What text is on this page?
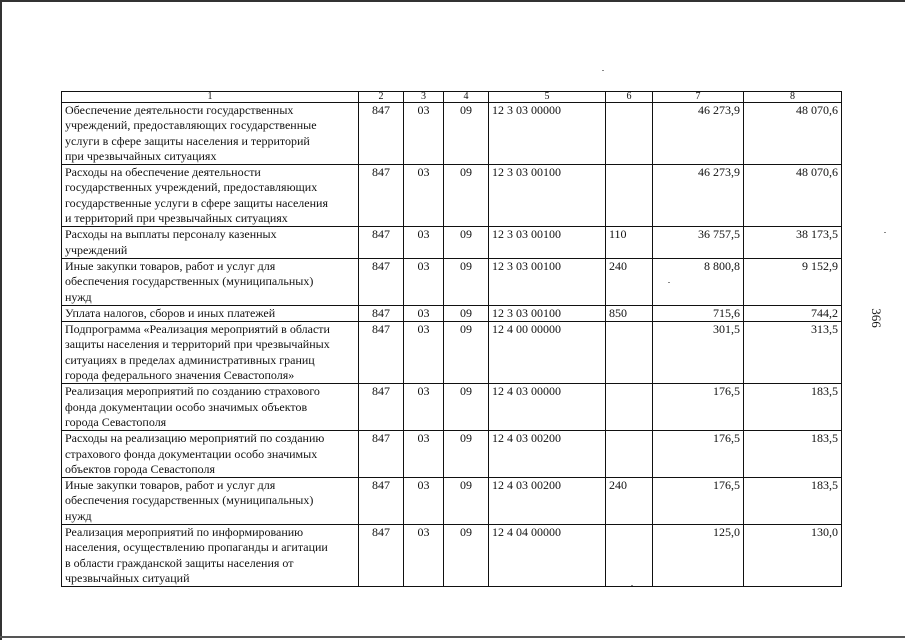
1	2	3	4	5	6	7	8

Обеспечение деятельности государственных
учреждений, предоставляющих государственные
услуги в сфере защиты населения и территорий
при чрезвычайных ситуациях	847	03	09	12 3 03 00000		46 273,9	48 070,6

Расходы на обеспечение деятельности
государственных учреждений, предоставляющих
государственные услуги в сфере защиты населения
и территорий при чрезвычайных ситуациях	847	03	09	12 3 03 00100		46 273,9	48 070,6

Расходы на выплаты персоналу казенных
учреждений	847	03	09	12 3 03 00100	110	36 757,5	38 173,5

Иные закупки товаров, работ и услуг для
обеспечения государственных (муниципальных)
нужд	847	03	09	12 3 03 00100	240	8 800,8	9 152,9

Уплата налогов, сборов и иных платежей	847	03	09	12 3 03 00100	850	715,6	744,2

Подпрограмма «Реализация мероприятий в области
защиты населения и территорий при чрезвычайных
ситуациях в пределах административных границ
города федерального значения Севастополя»	847	03	09	12 4 00 00000		301,5	313,5

Реализация мероприятий по созданию страхового
фонда документации особо значимых объектов
города Севастополя	847	03	09	12 4 03 00000		176,5	183,5

Расходы на реализацию мероприятий по созданию
страхового фонда документации особо значимых
объектов города Севастополя	847	03	09	12 4 03 00200		176,5	183,5

Иные закупки товаров, работ и услуг для
обеспечения государственных (муниципальных)
нужд	847	03	09	12 4 03 00200	240	176,5	183,5

Реализация мероприятий по информированию
населения, осуществлению пропаганды и агитации
в области гражданской защиты населения от
чрезвычайных ситуаций	847	03	09	12 4 04 00000		125,0	130,0
366
